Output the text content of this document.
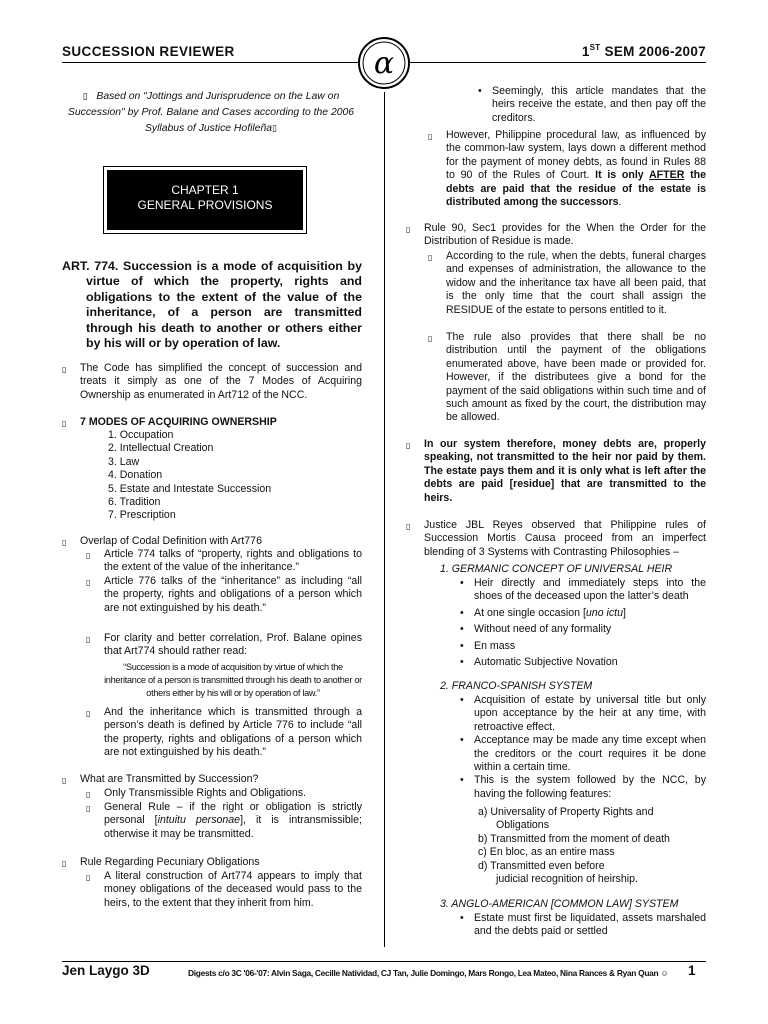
SUCCESSION REVIEWER	1ST SEM 2006-2007
α
▯ Based on "Jottings and Jurisprudence on the Law on Succession" by Prof. Balane and Cases according to the 2006 Syllabus of Justice Hofileña▯
CHAPTER 1
GENERAL PROVISIONS
ART. 774. Succession is a mode of acquisition by virtue of which the property, rights and obligations to the extent of the value of the inheritance, of a person are transmitted through his death to another or others either by his will or by operation of law.
▯ The Code has simplified the concept of succession and treats it simply as one of the 7 Modes of Acquiring Ownership as enumerated in Art712 of the NCC.
▯ 7 MODES OF ACQUIRING OWNERSHIP
1. Occupation
2. Intellectual Creation
3. Law
4. Donation
5. Estate and Intestate Succession
6. Tradition
7. Prescription
▯ Overlap of Codal Definition with Art776
▯ Article 774 talks of “property, rights and obligations to the extent of the value of the inheritance.”
▯ Article 776 talks of the “inheritance” as including “all the property, rights and obligations of a person which are not extinguished by his death.”
▯ For clarity and better correlation, Prof. Balane opines that Art774 should rather read:
“Succession is a mode of acquisition by virtue of which the inheritance of a person is transmitted through his death to another or others either by his will or by operation of law.”
▯ And the inheritance which is transmitted through a person’s death is defined by Article 776 to include “all the property, rights and obligations of a person which are not extinguished by his death.”
▯ What are Transmitted by Succession?
▯ Only Transmissible Rights and Obligations.
▯ General Rule – if the right or obligation is strictly personal [intuitu personae], it is intransmissible; otherwise it may be transmitted.
▯ Rule Regarding Pecuniary Obligations
▯ A literal construction of Art774 appears to imply that money obligations of the deceased would pass to the heirs, to the extent that they inherit from him.
• Seemingly, this article mandates that the heirs receive the estate, and then pay off the creditors.
▯ However, Philippine procedural law, as influenced by the common-law system, lays down a different method for the payment of money debts, as found in Rules 88 to 90 of the Rules of Court. It is only AFTER the debts are paid that the residue of the estate is distributed among the successors.
▯ Rule 90, Sec1 provides for the When the Order for the Distribution of Residue is made.
▯ According to the rule, when the debts, funeral charges and expenses of administration, the allowance to the widow and the inheritance tax have all been paid, that is the only time that the court shall assign the RESIDUE of the estate to persons entitled to it.
▯ The rule also provides that there shall be no distribution until the payment of the obligations enumerated above, have been made or provided for. However, if the distributees give a bond for the payment of the said obligations within such time and of such amount as fixed by the court, the distribution may be allowed.
▯ In our system therefore, money debts are, properly speaking, not transmitted to the heir nor paid by them. The estate pays them and it is only what is left after the debts are paid [residue] that are transmitted to the heirs.
▯ Justice JBL Reyes observed that Philippine rules of Succession Mortis Causa proceed from an imperfect blending of 3 Systems with Contrasting Philosophies –
1. GERMANIC CONCEPT OF UNIVERSAL HEIR
• Heir directly and immediately steps into the shoes of the deceased upon the latter’s death
• At one single occasion [uno ictu]
• Without need of any formality
• En mass
• Automatic Subjective Novation
2. FRANCO-SPANISH SYSTEM
• Acquisition of estate by universal title but only upon acceptance by the heir at any time, with retroactive effect.
• Acceptance may be made any time except when the creditors or the court requires it be done within a certain time.
• This is the system followed by the NCC, by having the following features:
a) Universality of Property Rights and Obligations
b) Transmitted from the moment of death
c) En bloc, as an entire mass
d) Transmitted even before judicial recognition of heirship.
3. ANGLO-AMERICAN [COMMON LAW] SYSTEM
• Estate must first be liquidated, assets marshaled and the debts paid or settled
Jen Laygo 3D	Digests c/o 3C '06-'07: Alvin Saga, Cecille Natividad, CJ Tan, Julie Domingo, Mars Rongo, Lea Mateo, Nina Rances & Ryan Quan ☺ 1
